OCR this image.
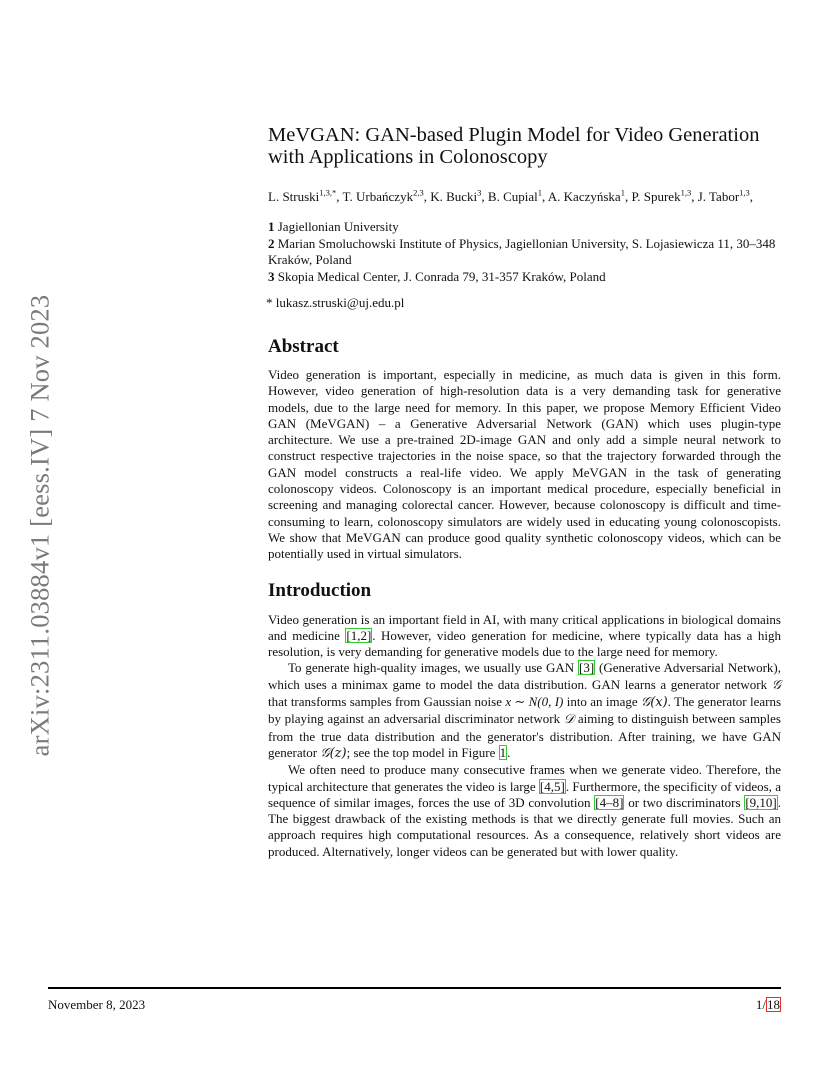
arXiv:2311.03884v1 [eess.IV] 7 Nov 2023
MeVGAN: GAN-based Plugin Model for Video Generation
with Applications in Colonoscopy

L. Struski$^{1,3,*}$, T. Urbańczyk$^{2,3}$, K. Bucki$^3$, B. Cupial$^1$, A. Kaczyńska$^1$, P. Spurek$^{1,3}$, J. Tabor$^{1,3}$,

1 Jagiellonian University

2 Marian Smoluchowski Institute of Physics, Jagiellonian University, S. Lojasiewicza 11, 30–348 Kraków, Poland

3 Skopia Medical Center, J. Conrada 79, 31-357 Kraków, Poland

* lukasz.struski@uj.edu.pl

Abstract

Video generation is important, especially in medicine, as much data is given in this form. However, video generation of high-resolution data is a very demanding task for generative models, due to the large need for memory. In this paper, we propose Memory Efficient Video GAN (MeVGAN) – a Generative Adversarial Network (GAN) which uses plugin-type architecture. We use a pre-trained 2D-image GAN and only add a simple neural network to construct respective trajectories in the noise space, so that the trajectory forwarded through the GAN model constructs a real-life video. We apply MeVGAN in the task of generating colonoscopy videos. Colonoscopy is an important medical procedure, especially beneficial in screening and managing colorectal cancer. However, because colonoscopy is difficult and time-consuming to learn, colonoscopy simulators are widely used in educating young colonoscopists. We show that MeVGAN can produce good quality synthetic colonoscopy videos, which can be potentially used in virtual simulators.

Introduction

Video generation is an important field in AI, with many critical applications in biological domains and medicine [1,2]. However, video generation for medicine, where typically data has a high resolution, is very demanding for generative models due to the large need for memory.

To generate high-quality images, we usually use GAN [3] (Generative Adversarial Network), which uses a minimax game to model the data distribution. GAN learns a generator network 𝒢 that transforms samples from Gaussian noise x ∼ N(0, I) into an image 𝒢(x). The generator learns by playing against an adversarial discriminator network 𝒟 aiming to distinguish between samples from the true data distribution and the generator's distribution. After training, we have GAN generator 𝒢(z); see the top model in Figure 1.

We often need to produce many consecutive frames when we generate video. Therefore, the typical architecture that generates the video is large [4,5]. Furthermore, the specificity of videos, a sequence of similar images, forces the use of 3D convolution [4–8] or two discriminators [9,10]. The biggest drawback of the existing methods is that we directly generate full movies. Such an approach requires high computational resources. As a consequence, relatively short videos are produced. Alternatively, longer videos can be generated but with lower quality.

November 8, 2023	1/18
